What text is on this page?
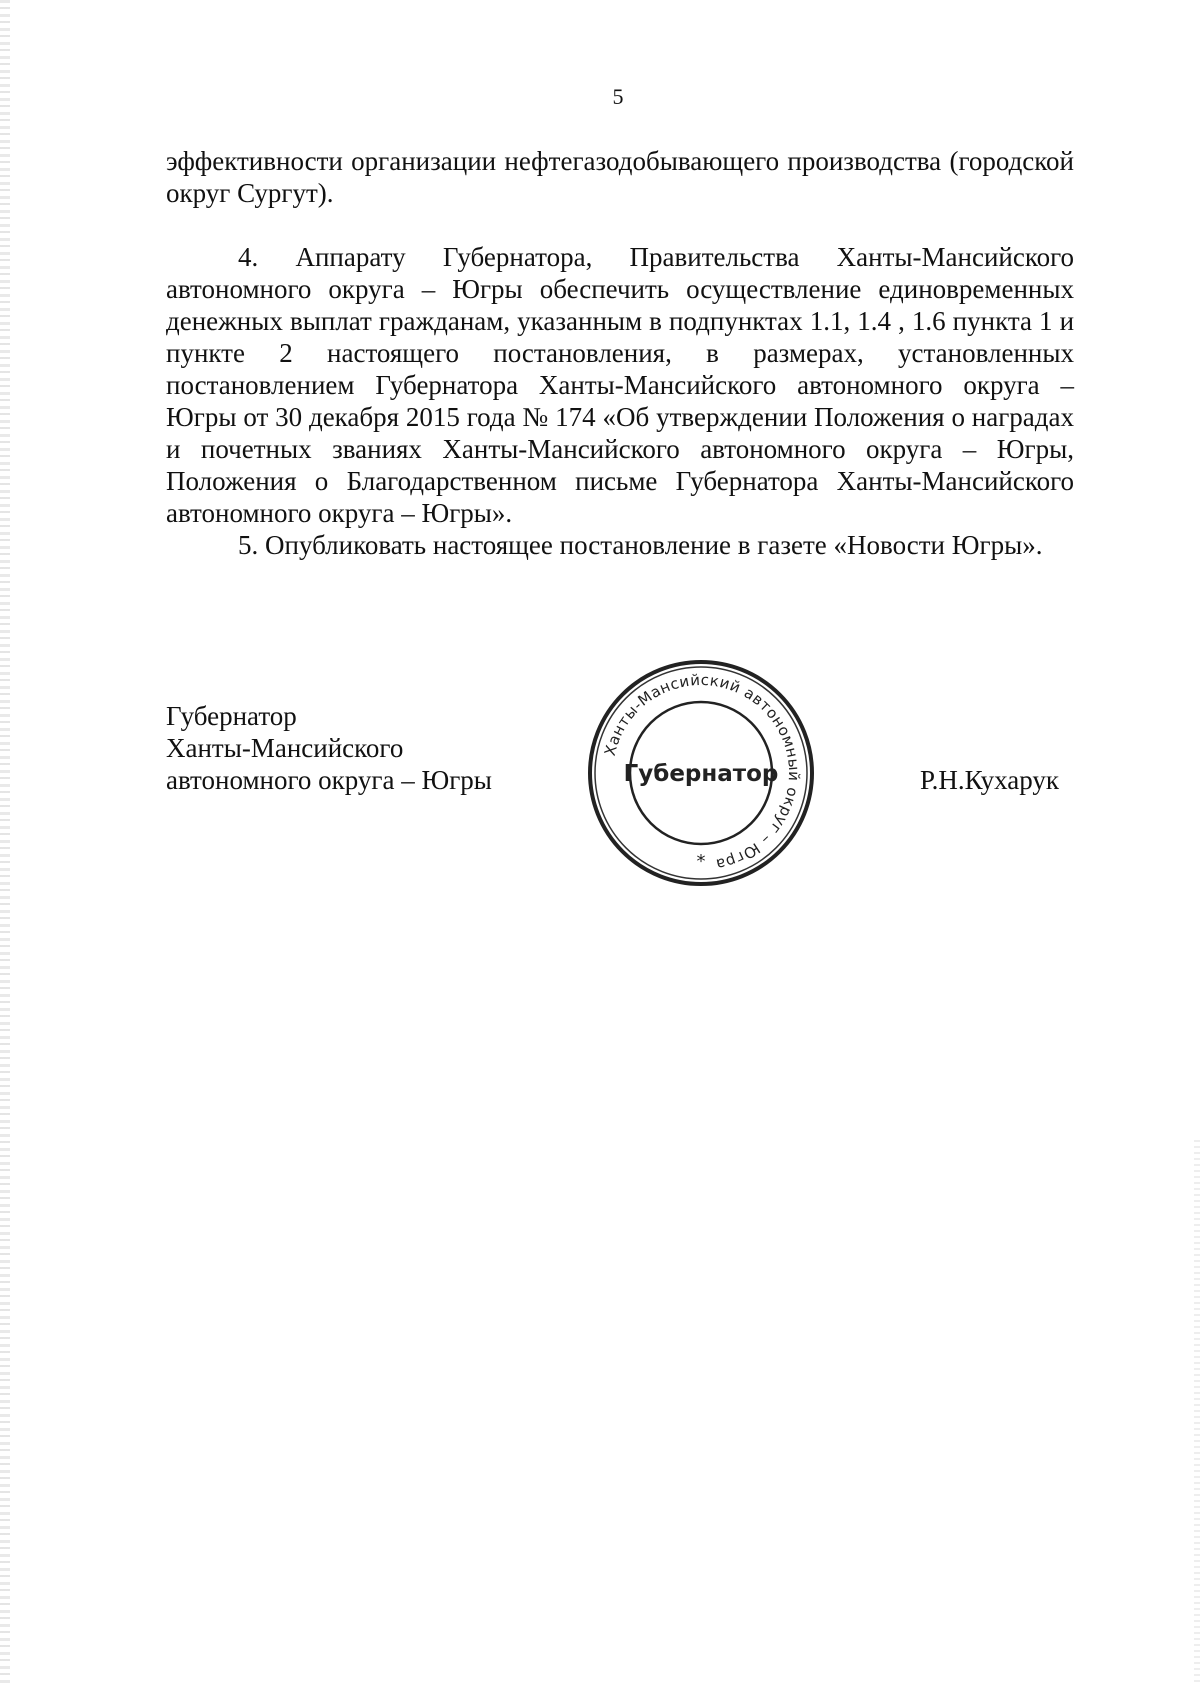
5

эффективности организации нефтегазодобывающего производства (городской округ Сургут).

4. Аппарату Губернатора, Правительства Ханты-Мансийского автономного округа – Югры обеспечить осуществление единовременных денежных выплат гражданам, указанным в подпунктах 1.1, 1.4 , 1.6 пункта 1 и пункте 2 настоящего постановления, в размерах, установленных постановлением Губернатора Ханты-Мансийского автономного округа – Югры от 30 декабря 2015 года № 174 «Об утверждении Положения о наградах и почетных званиях Ханты-Мансийского автономного округа – Югры, Положения о Благодарственном письме Губернатора Ханты-Мансийского автономного округа – Югры».

5. Опубликовать настоящее постановление в газете «Новости Югры».

Губернатор
Ханты-Мансийского
автономного округа – Югры
Ханты-Мансийский автономный округ – Югра
Губернатор
*
Р.Н.Кухарук
